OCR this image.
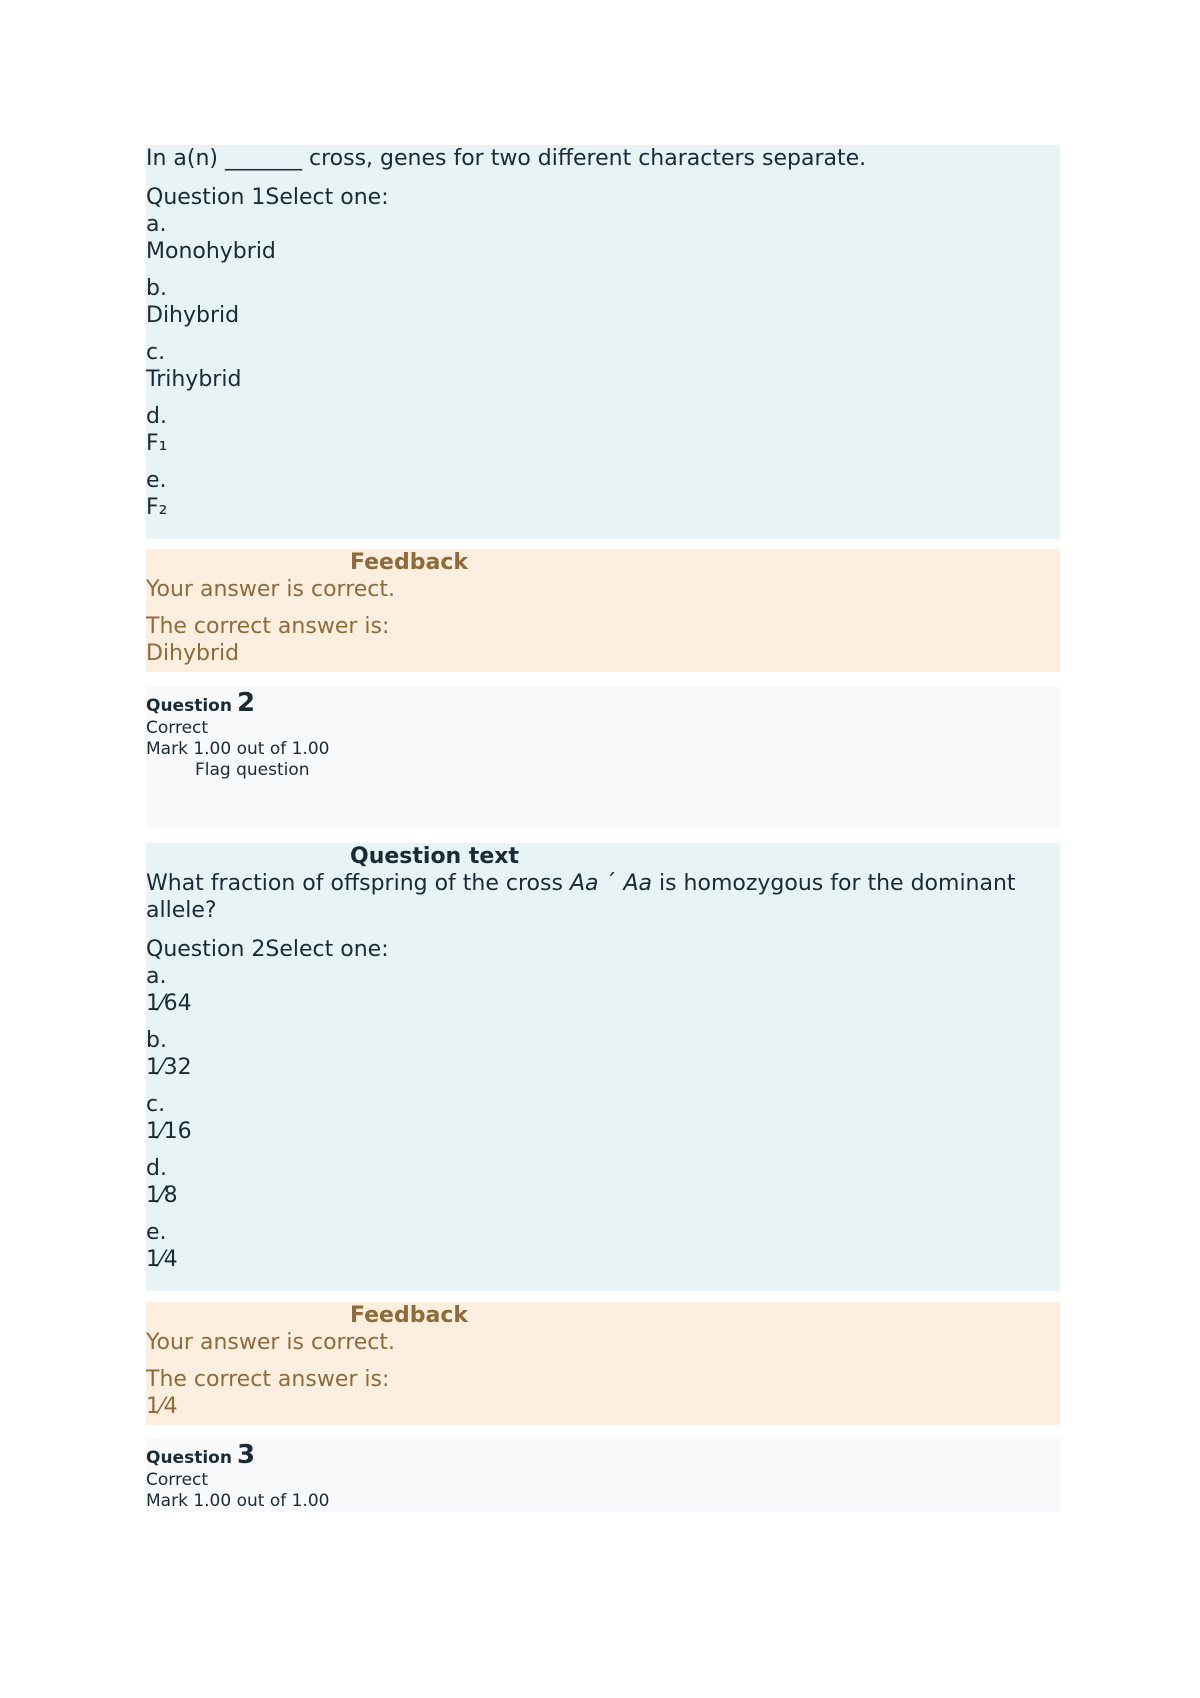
In a(n) _______ cross, genes for two different characters separate.
Question 1Select one:
a.
Monohybrid
b.
Dihybrid
c.
Trihybrid
d.
F₁
e.
F₂
Feedback
Your answer is correct.
The correct answer is:
Dihybrid
Question 2
Correct
Mark 1.00 out of 1.00
Flag question
Question text
What fraction of offspring of the cross Aa ´ Aa is homozygous for the dominant allele?
Question 2Select one:
a.
1⁄64
b.
1⁄32
c.
1⁄16
d.
1⁄8
e.
1⁄4
Feedback
Your answer is correct.
The correct answer is:
1⁄4
Question 3
Correct
Mark 1.00 out of 1.00
